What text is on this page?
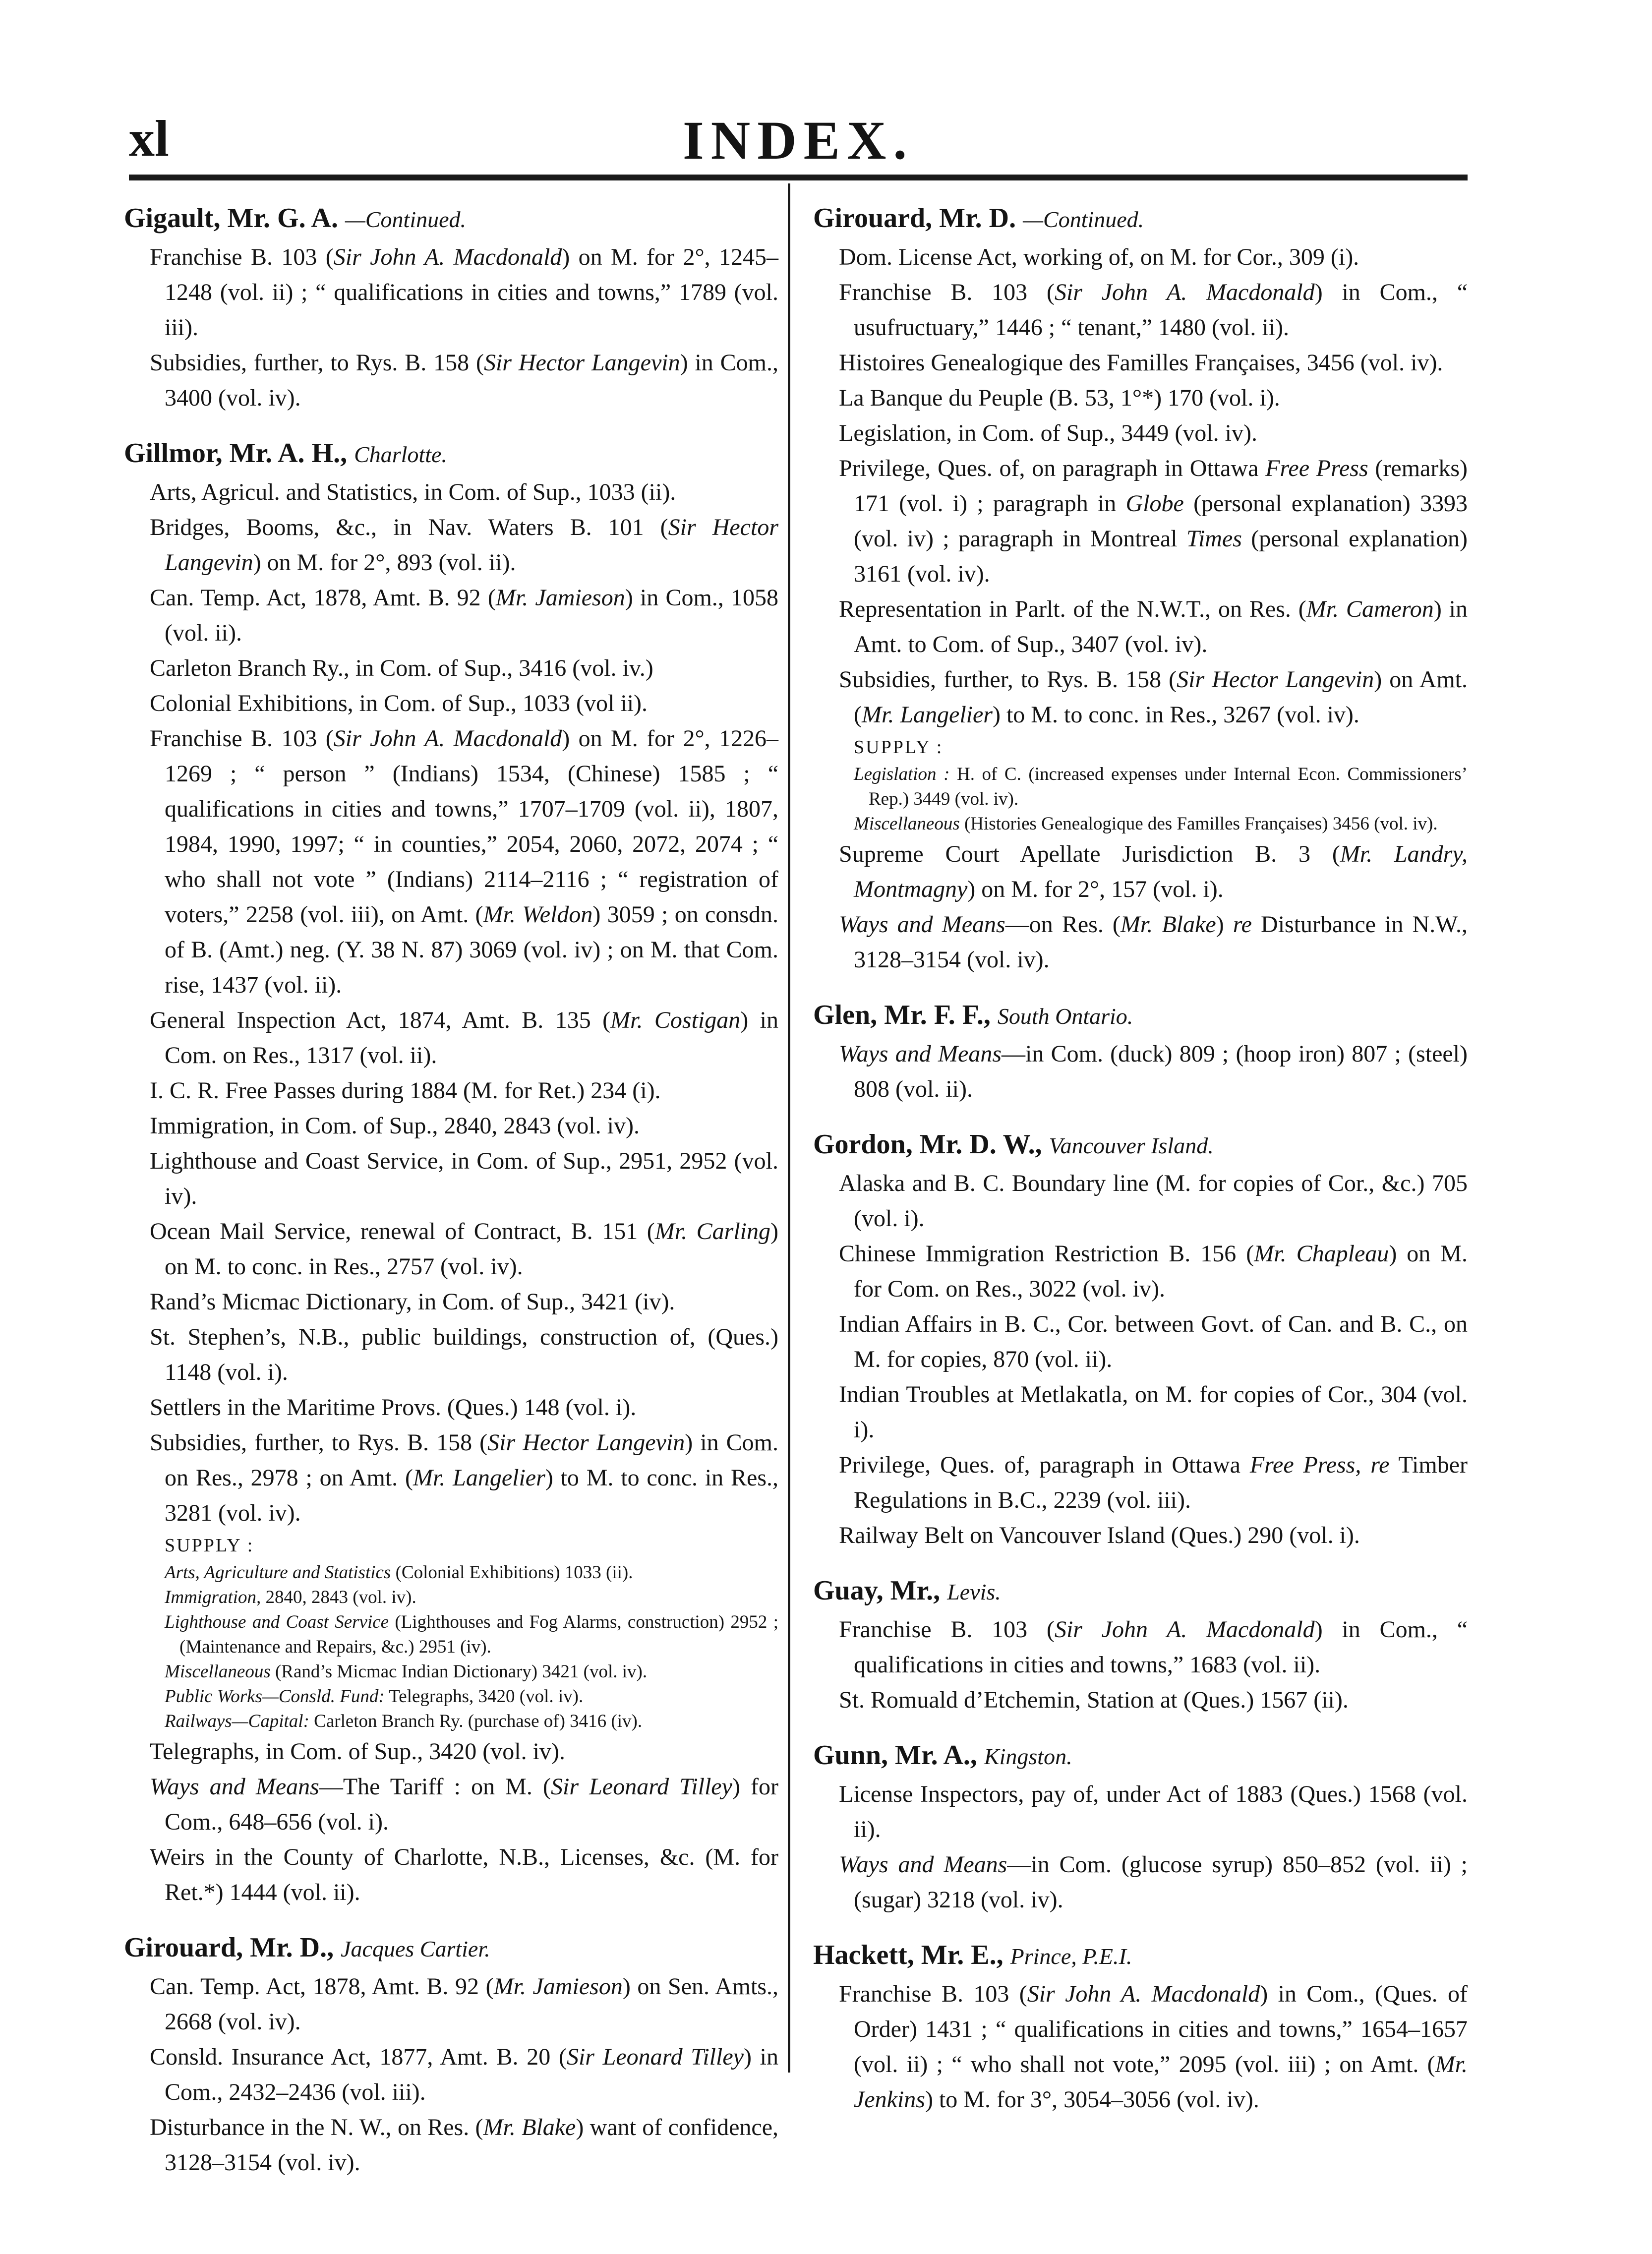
xl	INDEX.
Gigault, Mr. G. A. —Continued.
Franchise B. 103 (Sir John A. Macdonald) on M. for 2°, 1245–1248 (vol. ii) ; “ qualifications in cities and towns,” 1789 (vol. iii).
Subsidies, further, to Rys. B. 158 (Sir Hector Langevin) in Com., 3400 (vol. iv).
Gillmor, Mr. A. H., Charlotte.
Arts, Agricul. and Statistics, in Com. of Sup., 1033 (ii).
Bridges, Booms, &c., in Nav. Waters B. 101 (Sir Hector Langevin) on M. for 2°, 893 (vol. ii).
Can. Temp. Act, 1878, Amt. B. 92 (Mr. Jamieson) in Com., 1058 (vol. ii).
Carleton Branch Ry., in Com. of Sup., 3416 (vol. iv.)
Colonial Exhibitions, in Com. of Sup., 1033 (vol ii).
Franchise B. 103 (Sir John A. Macdonald) on M. for 2°, 1226–1269 ; “ person ” (Indians) 1534, (Chinese) 1585 ; “ qualifications in cities and towns,” 1707–1709 (vol. ii), 1807, 1984, 1990, 1997; “ in counties,” 2054, 2060, 2072, 2074 ; “ who shall not vote ” (Indians) 2114–2116 ; “ registration of voters,” 2258 (vol. iii), on Amt. (Mr. Weldon) 3059 ; on consdn. of B. (Amt.) neg. (Y. 38 N. 87) 3069 (vol. iv) ; on M. that Com. rise, 1437 (vol. ii).
General Inspection Act, 1874, Amt. B. 135 (Mr. Costigan) in Com. on Res., 1317 (vol. ii).
I. C. R. Free Passes during 1884 (M. for Ret.) 234 (i).
Immigration, in Com. of Sup., 2840, 2843 (vol. iv).
Lighthouse and Coast Service, in Com. of Sup., 2951, 2952 (vol. iv).
Ocean Mail Service, renewal of Contract, B. 151 (Mr. Carling) on M. to conc. in Res., 2757 (vol. iv).
Rand’s Micmac Dictionary, in Com. of Sup., 3421 (iv).
St. Stephen’s, N.B., public buildings, construction of, (Ques.) 1148 (vol. i).
Settlers in the Maritime Provs. (Ques.) 148 (vol. i).
Subsidies, further, to Rys. B. 158 (Sir Hector Langevin) in Com. on Res., 2978 ; on Amt. (Mr. Langelier) to M. to conc. in Res., 3281 (vol. iv).
SUPPLY :
Arts, Agriculture and Statistics (Colonial Exhibitions) 1033 (ii).
Immigration, 2840, 2843 (vol. iv).
Lighthouse and Coast Service (Lighthouses and Fog Alarms, construction) 2952 ; (Maintenance and Repairs, &c.) 2951 (iv).
Miscellaneous (Rand’s Micmac Indian Dictionary) 3421 (vol. iv).
Public Works—Consld. Fund: Telegraphs, 3420 (vol. iv).
Railways—Capital: Carleton Branch Ry. (purchase of) 3416 (iv).
Telegraphs, in Com. of Sup., 3420 (vol. iv).
Ways and Means—The Tariff : on M. (Sir Leonard Tilley) for Com., 648–656 (vol. i).
Weirs in the County of Charlotte, N.B., Licenses, &c. (M. for Ret.*) 1444 (vol. ii).
Girouard, Mr. D., Jacques Cartier.
Can. Temp. Act, 1878, Amt. B. 92 (Mr. Jamieson) on Sen. Amts., 2668 (vol. iv).
Consld. Insurance Act, 1877, Amt. B. 20 (Sir Leonard Tilley) in Com., 2432–2436 (vol. iii).
Disturbance in the N. W., on Res. (Mr. Blake) want of confidence, 3128–3154 (vol. iv).
Girouard, Mr. D. —Continued.
Dom. License Act, working of, on M. for Cor., 309 (i).
Franchise B. 103 (Sir John A. Macdonald) in Com., “ usufructuary,” 1446 ; “ tenant,” 1480 (vol. ii).
Histoires Genealogique des Familles Françaises, 3456 (vol. iv).
La Banque du Peuple (B. 53, 1°*) 170 (vol. i).
Legislation, in Com. of Sup., 3449 (vol. iv).
Privilege, Ques. of, on paragraph in Ottawa Free Press (remarks) 171 (vol. i) ; paragraph in Globe (personal explanation) 3393 (vol. iv) ; paragraph in Montreal Times (personal explanation) 3161 (vol. iv).
Representation in Parlt. of the N.W.T., on Res. (Mr. Cameron) in Amt. to Com. of Sup., 3407 (vol. iv).
Subsidies, further, to Rys. B. 158 (Sir Hector Langevin) on Amt. (Mr. Langelier) to M. to conc. in Res., 3267 (vol. iv).
SUPPLY :
Legislation : H. of C. (increased expenses under Internal Econ. Commissioners’ Rep.) 3449 (vol. iv).
Miscellaneous (Histories Genealogique des Familles Françaises) 3456 (vol. iv).
Supreme Court Apellate Jurisdiction B. 3 (Mr. Landry, Montmagny) on M. for 2°, 157 (vol. i).
Ways and Means—on Res. (Mr. Blake) re Disturbance in N.W., 3128–3154 (vol. iv).
Glen, Mr. F. F., South Ontario.
Ways and Means—in Com. (duck) 809 ; (hoop iron) 807 ; (steel) 808 (vol. ii).
Gordon, Mr. D. W., Vancouver Island.
Alaska and B. C. Boundary line (M. for copies of Cor., &c.) 705 (vol. i).
Chinese Immigration Restriction B. 156 (Mr. Chapleau) on M. for Com. on Res., 3022 (vol. iv).
Indian Affairs in B. C., Cor. between Govt. of Can. and B. C., on M. for copies, 870 (vol. ii).
Indian Troubles at Metlakatla, on M. for copies of Cor., 304 (vol. i).
Privilege, Ques. of, paragraph in Ottawa Free Press, re Timber Regulations in B.C., 2239 (vol. iii).
Railway Belt on Vancouver Island (Ques.) 290 (vol. i).
Guay, Mr., Levis.
Franchise B. 103 (Sir John A. Macdonald) in Com., “ qualifications in cities and towns,” 1683 (vol. ii).
St. Romuald d’Etchemin, Station at (Ques.) 1567 (ii).
Gunn, Mr. A., Kingston.
License Inspectors, pay of, under Act of 1883 (Ques.) 1568 (vol. ii).
Ways and Means—in Com. (glucose syrup) 850–852 (vol. ii) ; (sugar) 3218 (vol. iv).
Hackett, Mr. E., Prince, P.E.I.
Franchise B. 103 (Sir John A. Macdonald) in Com., (Ques. of Order) 1431 ; “ qualifications in cities and towns,” 1654–1657 (vol. ii) ; “ who shall not vote,” 2095 (vol. iii) ; on Amt. (Mr. Jenkins) to M. for 3°, 3054–3056 (vol. iv).
